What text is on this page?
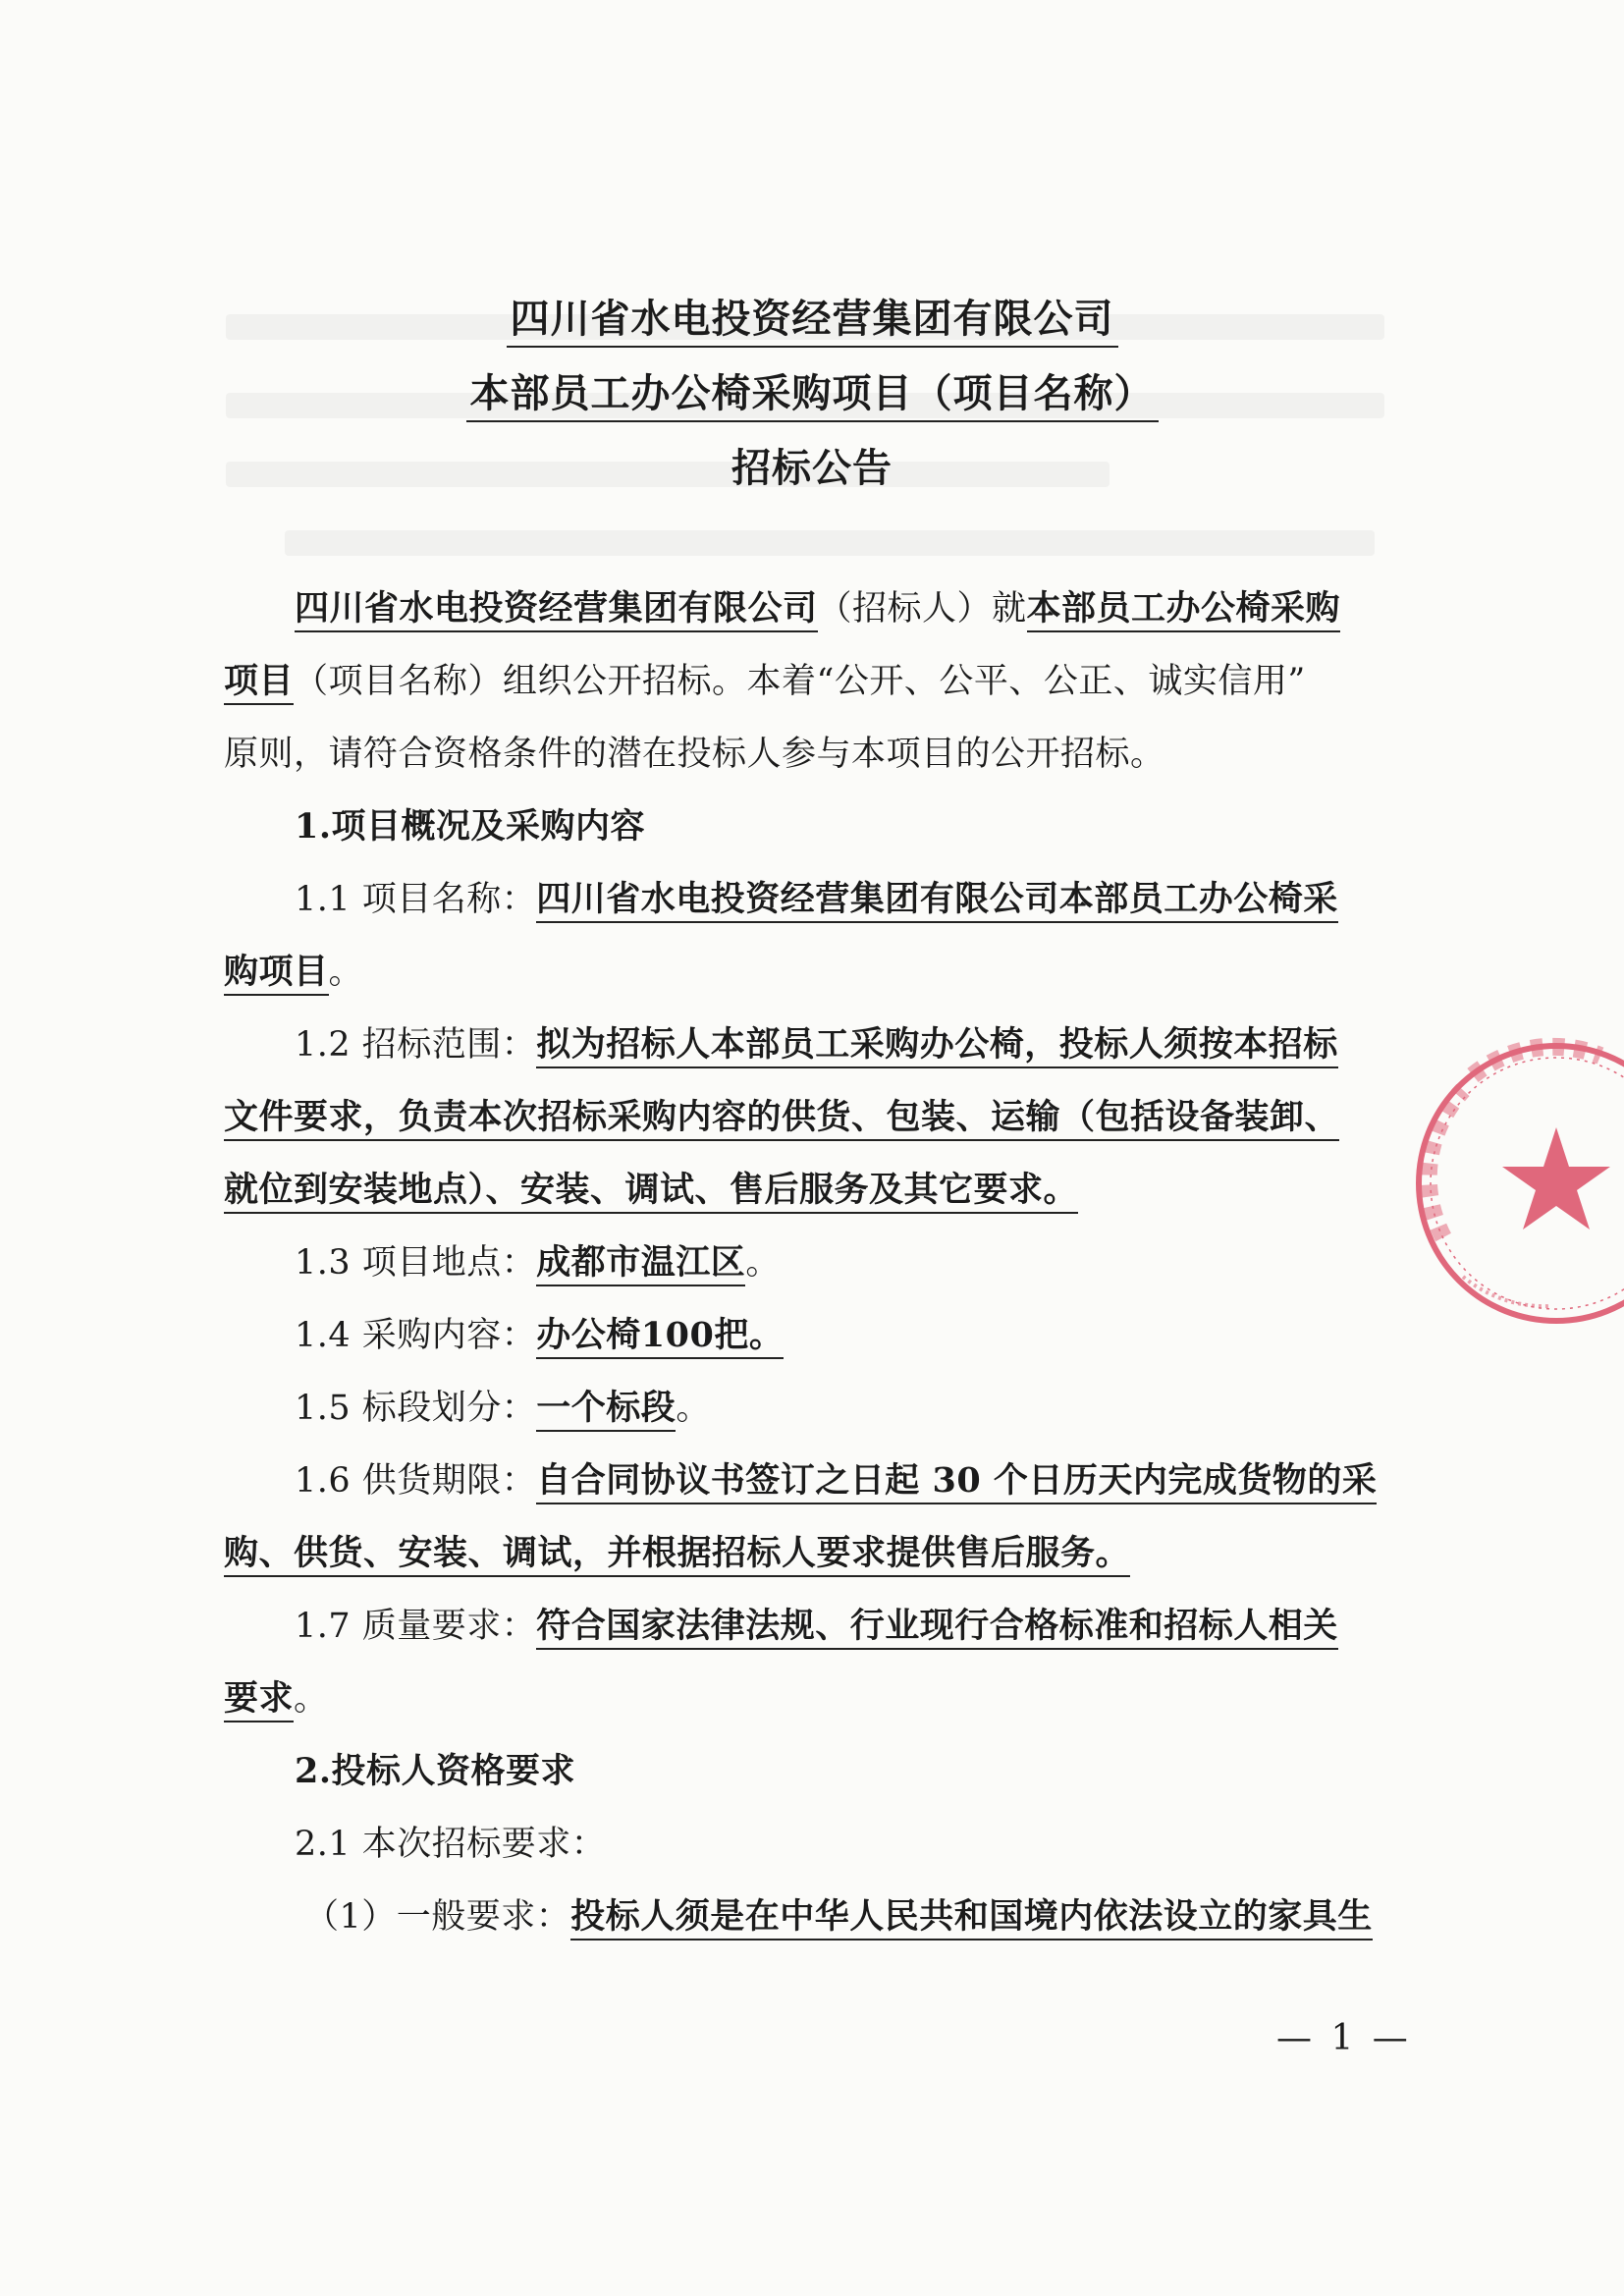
四川省水电投资经营集团有限公司
本部员工办公椅采购项目（项目名称）
招标公告
四川省水电投资经营集团有限公司（招标人）就本部员工办公椅采购
项目（项目名称）组织公开招标。本着“公开、公平、公正、诚实信用”
原则，请符合资格条件的潜在投标人参与本项目的公开招标。
1.项目概况及采购内容
1.1 项目名称：四川省水电投资经营集团有限公司本部员工办公椅采
购项目。
1.2 招标范围：拟为招标人本部员工采购办公椅，投标人须按本招标
文件要求，负责本次招标采购内容的供货、包装、运输（包括设备装卸、
就位到安装地点）、安装、调试、售后服务及其它要求。
1.3 项目地点：成都市温江区。
1.4 采购内容：办公椅100把。
1.5 标段划分：一个标段。
1.6 供货期限：自合同协议书签订之日起 30 个日历天内完成货物的采
购、供货、安装、调试，并根据招标人要求提供售后服务。
1.7 质量要求：符合国家法律法规、行业现行合格标准和招标人相关
要求。
2.投标人资格要求
2.1 本次招标要求：
（1）一般要求：投标人须是在中华人民共和国境内依法设立的家具生
— 1 —
